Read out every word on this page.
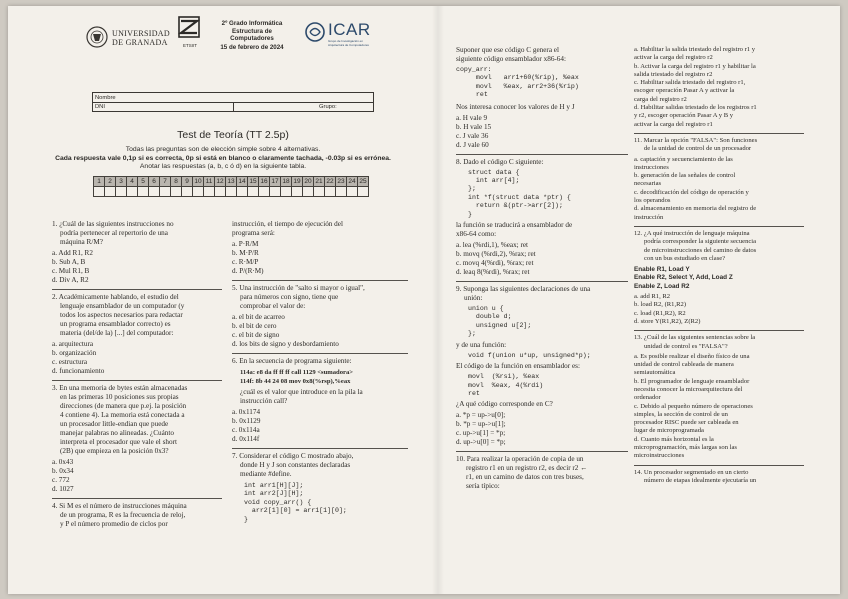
UNIVERSIDAD
DE GRANADA	ETSIIT
2º Grado Informática
Estructura de
Computadores
15 de febrero de 2024
ICAR
Grupo de Investigación en Arquitectura de Computadores
Nombre
DNI	Grupo:
Test de Teoría (TT 2.5p)
Todas las preguntas son de elección simple sobre 4 alternativas.
Cada respuesta vale 0,1p si es correcta, 0p si está en blanco o claramente tachada, -0.03p si es errónea.
Anotar las respuestas (a, b, c ó d) en la siguiente tabla.
1	2	3	4	5	6	7	8	9	10	11	12	13	14	15	16	17	18	19	20	21	22	23	24	25

1. ¿Cuál de las siguientes instrucciones no
podría pertenecer al repertorio de una
máquina R/M?
a. Add R1, R2
b. Sub A, B
c. Mul R1, B
d. Div A, R2
2. Académicamente hablando, el estudio del
lenguaje ensamblador de un computador (y
todos los aspectos necesarios para redactar
un programa ensamblador correcto) es
materia (del/de la) [...] del computador:
a. arquitectura
b. organización
c. estructura
d. funcionamiento
3. En una memoria de bytes están almacenadas
en las primeras 10 posiciones sus propias
direcciones (de manera que p.ej. la posición
4 contiene 4). La memoria está conectada a
un procesador little-endian que puede
manejar palabras no alineadas. ¿Cuánto
interpreta el procesador que vale el short
(2B) que empieza en la posición 0x3?
a. 0x43
b. 0x34
c. 772
d. 1027
4. Si M es el número de instrucciones máquina
de un programa, R es la frecuencia de reloj,
y P el número promedio de ciclos por
instrucción, el tiempo de ejecución del
programa será:
a. P·R/M
b. M·P/R
c. R·M/P
d. P/(R·M)
5. Una instrucción de "salto si mayor o igual",
para números con signo, tiene que
comprobar el valor de:
a. el bit de acarreo
b. el bit de cero
c. el bit de signo
d. los bits de signo y desbordamiento
6. En la secuencia de programa siguiente:
114a: e8 da ff ff ff call 1129 <sumadora>
114f: 8b 44 24 08 mov 0x8(%rsp),%eax
¿cuál es el valor que introduce en la pila la
instrucción call?
a. 0x1174
b. 0x1129
c. 0x114a
d. 0x114f
7. Considerar el código C mostrado abajo,
donde H y J son constantes declaradas
mediante #define.
int arr1[H][J];
int arr2[J][H];
void copy_arr() {
arr2[1][0] = arr1[1][0];
}
Suponer que ese código C genera el
siguiente código ensamblador x86-64:
copy_arr:
movl   arr1+60(%rip), %eax
movl   %eax, arr2+36(%rip)
ret
Nos interesa conocer los valores de H y J
a. H vale 9
b. H vale 15
c. J vale 36
d. J vale 60
8. Dado el código C siguiente:
struct data {
int arr[4];
};
int *f(struct data *ptr) {
return &(ptr->arr[2]);
}
la función se traducirá a ensamblador de
x86-64 como:
a. lea (%rdi,1), %eax; ret
b. movq (%rdi,2), %rax; ret
c. movq 4(%rdi), %rax; ret
d. leaq 8(%rdi), %rax; ret
9. Suponga las siguientes declaraciones de una
unión:
union u {
double d;
unsigned u[2];
};
y de una función:
void f(union u*up, unsigned*p);
El código de la función en ensamblador es:
movl  (%rsi), %eax
movl  %eax, 4(%rdi)
ret
¿A qué código corresponde en C?
a. *p = up->u[0];
b. *p = up->u[1];
c. up->u[1] = *p;
d. up->u[0] = *p;
10. Para realizar la operación de copia de un
registro r1 en un registro r2, es decir r2 ←
r1, en un camino de datos con tres buses,
sería típico:
a. Habilitar la salida triestado del registro r1 y
activar la carga del registro r2
b. Activar la carga del registro r1 y habilitar la
salida triestado del registro r2
c. Habilitar salida triestado del registro r1,
escoger operación Pasar A y activar la
carga del registro r2
d. Habilitar salidas triestado de los registros r1
y r2, escoger operación Pasar A y B y
activar la carga del registro r1
11. Marcar la opción "FALSA": Son funciones
de la unidad de control de un procesador
a. captación y secuenciamiento de las
instrucciones
b. generación de las señales de control
necesarias
c. decodificación del código de operación y
los operandos
d. almacenamiento en memoria del registro de
instrucción
12. ¿A qué instrucción de lenguaje máquina
podría corresponder la siguiente secuencia
de microinstrucciones del camino de datos
con un bus estudiado en clase?
Enable R1, Load Y
Enable R2, Select Y, Add, Load Z
Enable Z, Load R2
a. add R1, R2
b. load R2, (R1,R2)
c. load (R1,R2), R2
d. store Y(R1,R2), Z(R2)
13. ¿Cuál de las siguientes sentencias sobre la
unidad de control es "FALSA"?
a. Es posible realizar el diseño físico de una
unidad de control cableada de manera
semiautomática
b. El programador de lenguaje ensamblador
necesita conocer la microarquitectura del
ordenador
c. Debido al pequeño número de operaciones
simples, la sección de control de un
procesador RISC puede ser cableada en
lugar de microprogramada
d. Cuanto más horizontal es la
microprogramación, más largas son las
microinstrucciones
14. Un procesador segmentado en un cierto
número de etapas idealmente ejecutaría un
